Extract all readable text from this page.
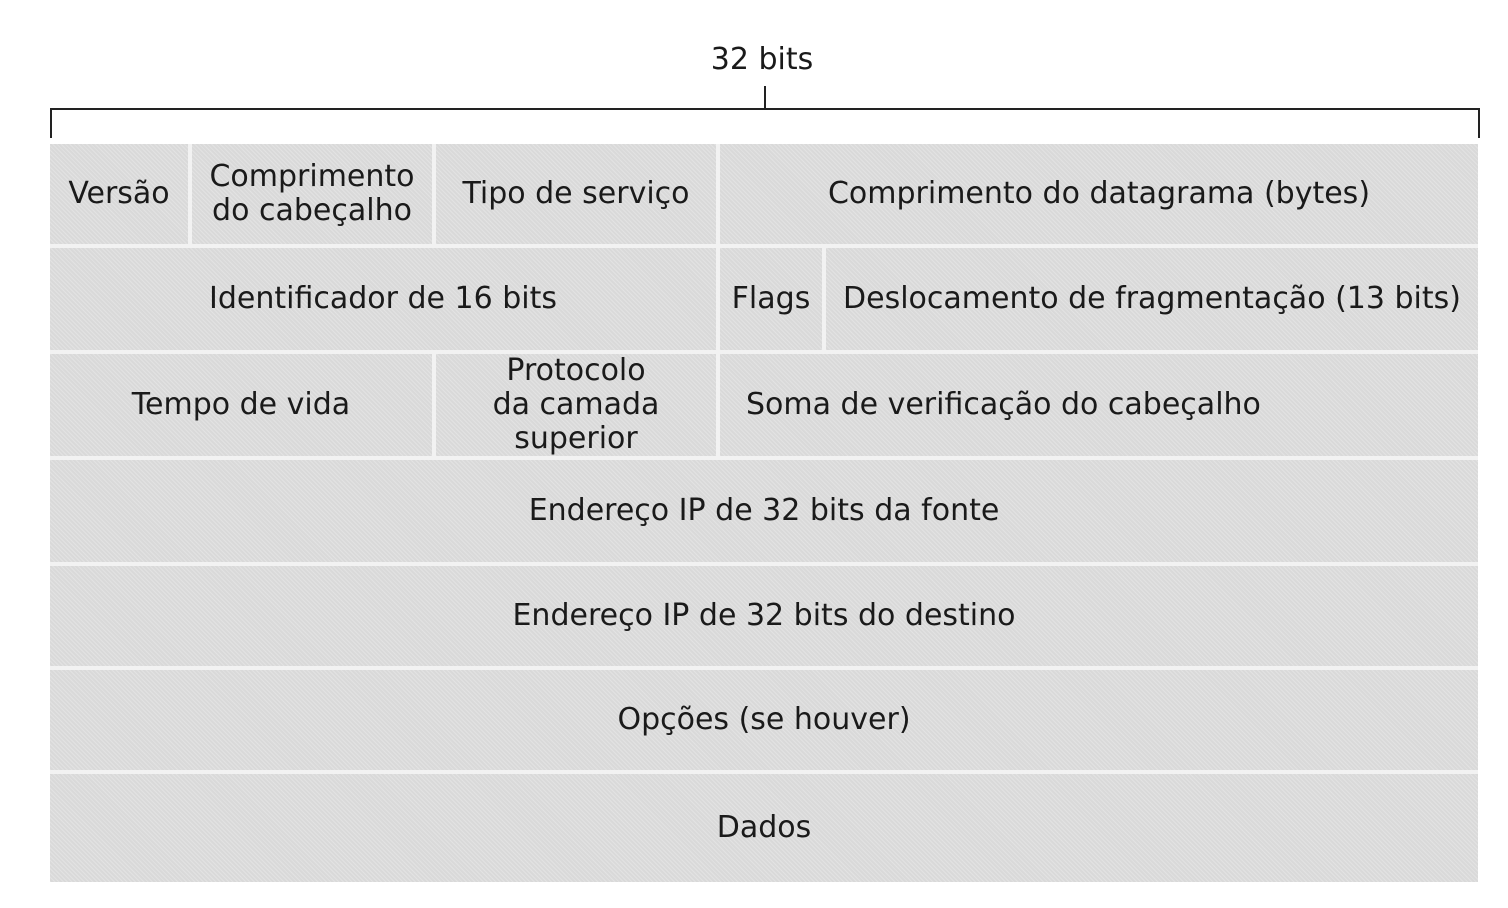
32 bits
Versão Comprimento
do cabeçalho Tipo de serviço	Comprimento do datagrama (bytes)
Identificador de 16 bits	Flags Deslocamento de fragmentação (13 bits)
Tempo de vida
Protocolo
da camada
superior
Soma de verificação do cabeçalho
Endereço IP de 32 bits da fonte
Endereço IP de 32 bits do destino
Opções (se houver)
Dados
